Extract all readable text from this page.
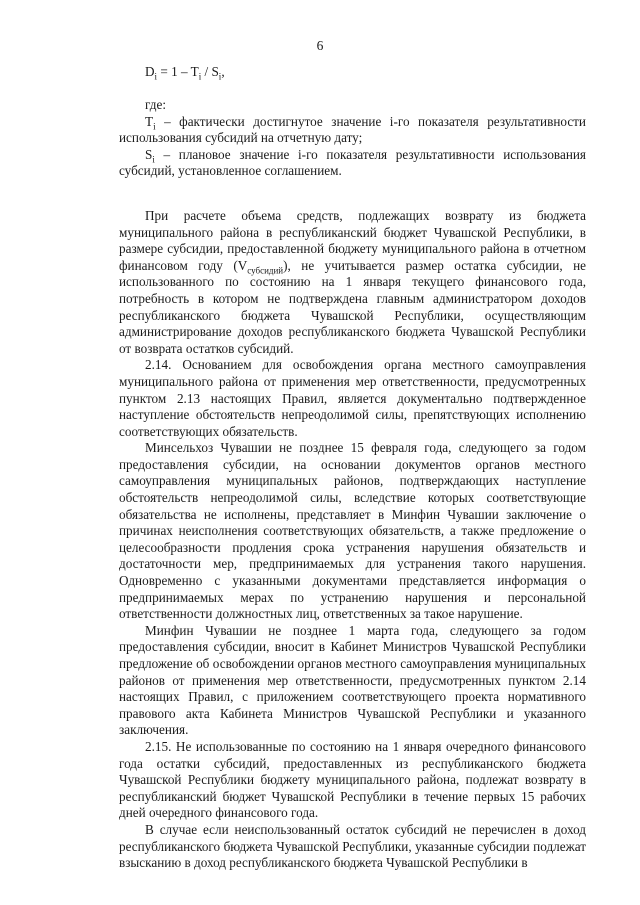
6
$D_i = 1 - T_i / S_i$,

где:

$T_i$ – фактически достигнутое значение i-го показателя результативности использования субсидий на отчетную дату;

$S_i$ – плановое значение i-го показателя результативности использования субсидий, установленное соглашением.

При расчете объема средств, подлежащих возврату из бюджета муниципального района в республиканский бюджет Чувашской Республики, в размере субсидии, предоставленной бюджету муниципального района в отчетном финансовом году $(V_{субсидий})$, не учитывается размер остатка субсидии, не использованного по состоянию на 1 января текущего финансового года, потребность в котором не подтверждена главным администратором доходов республиканского бюджета Чувашской Республики, осуществляющим администрирование доходов республиканского бюджета Чувашской Республики от возврата остатков субсидий.

2.14. Основанием для освобождения органа местного самоуправления муниципального района от применения мер ответственности, предусмотренных пунктом 2.13 настоящих Правил, является документально подтвержденное наступление обстоятельств непреодолимой силы, препятствующих исполнению соответствующих обязательств.

Минсельхоз Чувашии не позднее 15 февраля года, следующего за годом предоставления субсидии, на основании документов органов местного самоуправления муниципальных районов, подтверждающих наступление обстоятельств непреодолимой силы, вследствие которых соответствующие обязательства не исполнены, представляет в Минфин Чувашии заключение о причинах неисполнения соответствующих обязательств, а также предложение о целесообразности продления срока устранения нарушения обязательств и достаточности мер, предпринимаемых для устранения такого нарушения. Одновременно с указанными документами представляется информация о предпринимаемых мерах по устранению нарушения и персональной ответственности должностных лиц, ответственных за такое нарушение.

Минфин Чувашии не позднее 1 марта года, следующего за годом предоставления субсидии, вносит в Кабинет Министров Чувашской Республики предложение об освобождении органов местного самоуправления муниципальных районов от применения мер ответственности, предусмотренных пунктом 2.14 настоящих Правил, с приложением соответствующего проекта нормативного правового акта Кабинета Министров Чувашской Республики и указанного заключения.

2.15. Не использованные по состоянию на 1 января очередного финансового года остатки субсидий, предоставленных из республиканского бюджета Чувашской Республики бюджету муниципального района, подлежат возврату в республиканский бюджет Чувашской Республики в течение первых 15 рабочих дней очередного финансового года.

В случае если неиспользованный остаток субсидий не перечислен в доход республиканского бюджета Чувашской Республики, указанные субсидии подлежат взысканию в доход республиканского бюджета Чувашской Республики в
